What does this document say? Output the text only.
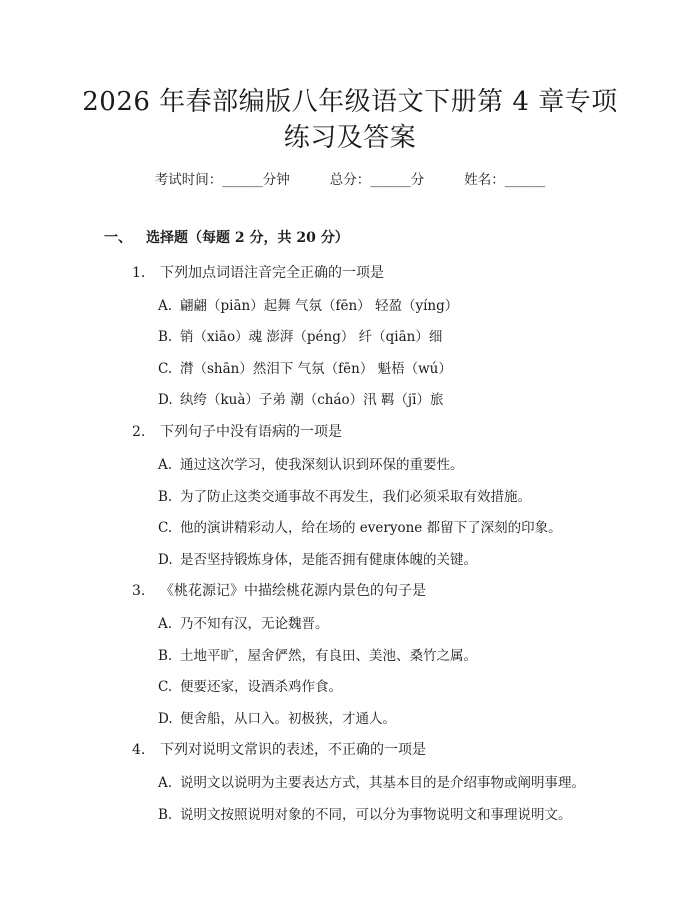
2026 年春部编版八年级语文下册第 4 章专项
练习及答案
考试时间：______分钟	总分：______分	姓名：______
一、 选择题（每题 2 分，共 20 分）
1. 下列加点词语注音完全正确的一项是
A. 翩翩（piān）起舞 气氛（fēn） 轻盈（yíng）
B. 销（xiāo）魂 澎湃（péng） 纤（qiān）细
C. 潸（shān）然泪下 气氛（fēn） 魁梧（wú）
D. 纨绔（kuà）子弟 潮（cháo）汛 羁（jī）旅
2. 下列句子中没有语病的一项是
A. 通过这次学习，使我深刻认识到环保的重要性。
B. 为了防止这类交通事故不再发生，我们必须采取有效措施。
C. 他的演讲精彩动人，给在场的 everyone 都留下了深刻的印象。
D. 是否坚持锻炼身体，是能否拥有健康体魄的关键。
3. 《桃花源记》中描绘桃花源内景色的句子是
A. 乃不知有汉，无论魏晋。
B. 土地平旷，屋舍俨然，有良田、美池、桑竹之属。
C. 便要还家，设酒杀鸡作食。
D. 便舍船，从口入。初极狭，才通人。
4. 下列对说明文常识的表述，不正确的一项是
A. 说明文以说明为主要表达方式，其基本目的是介绍事物或阐明事理。
B. 说明文按照说明对象的不同，可以分为事物说明文和事理说明文。
